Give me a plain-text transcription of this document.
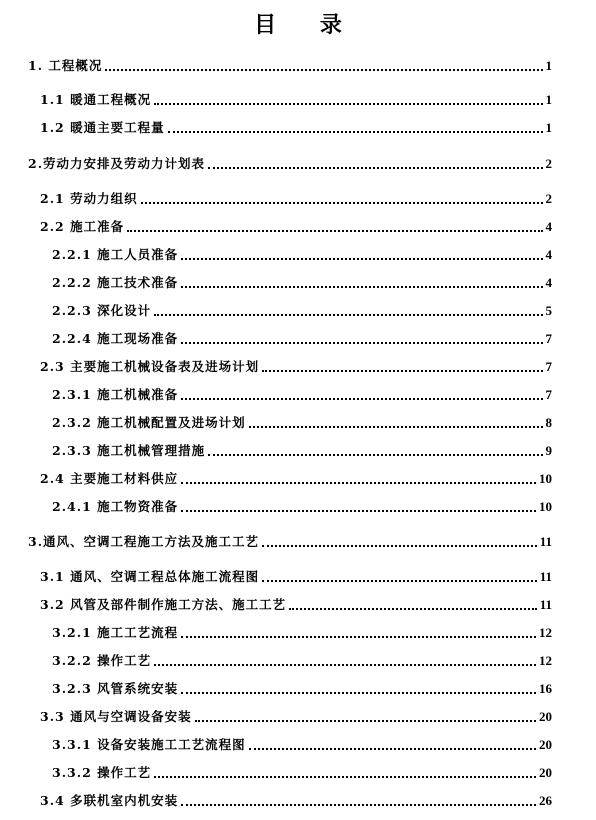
目 录
1. 工程概况	1
1.1 暖通工程概况	1
1.2 暖通主要工程量	1
2.劳动力安排及劳动力计划表	2
2.1 劳动力组织	2
2.2 施工准备	4
2.2.1 施工人员准备	4
2.2.2 施工技术准备	4
2.2.3 深化设计	5
2.2.4 施工现场准备	7
2.3 主要施工机械设备表及进场计划	7
2.3.1 施工机械准备	7
2.3.2 施工机械配置及进场计划	8
2.3.3 施工机械管理措施	9
2.4 主要施工材料供应	10
2.4.1 施工物资准备	10
3.通风、空调工程施工方法及施工工艺	11
3.1 通风、空调工程总体施工流程图	11
3.2 风管及部件制作施工方法、施工工艺	11
3.2.1 施工工艺流程	12
3.2.2 操作工艺	12
3.2.3 风管系统安装	16
3.3 通风与空调设备安装	20
3.3.1 设备安装施工工艺流程图	20
3.3.2 操作工艺	20
3.4 多联机室内机安装	26
